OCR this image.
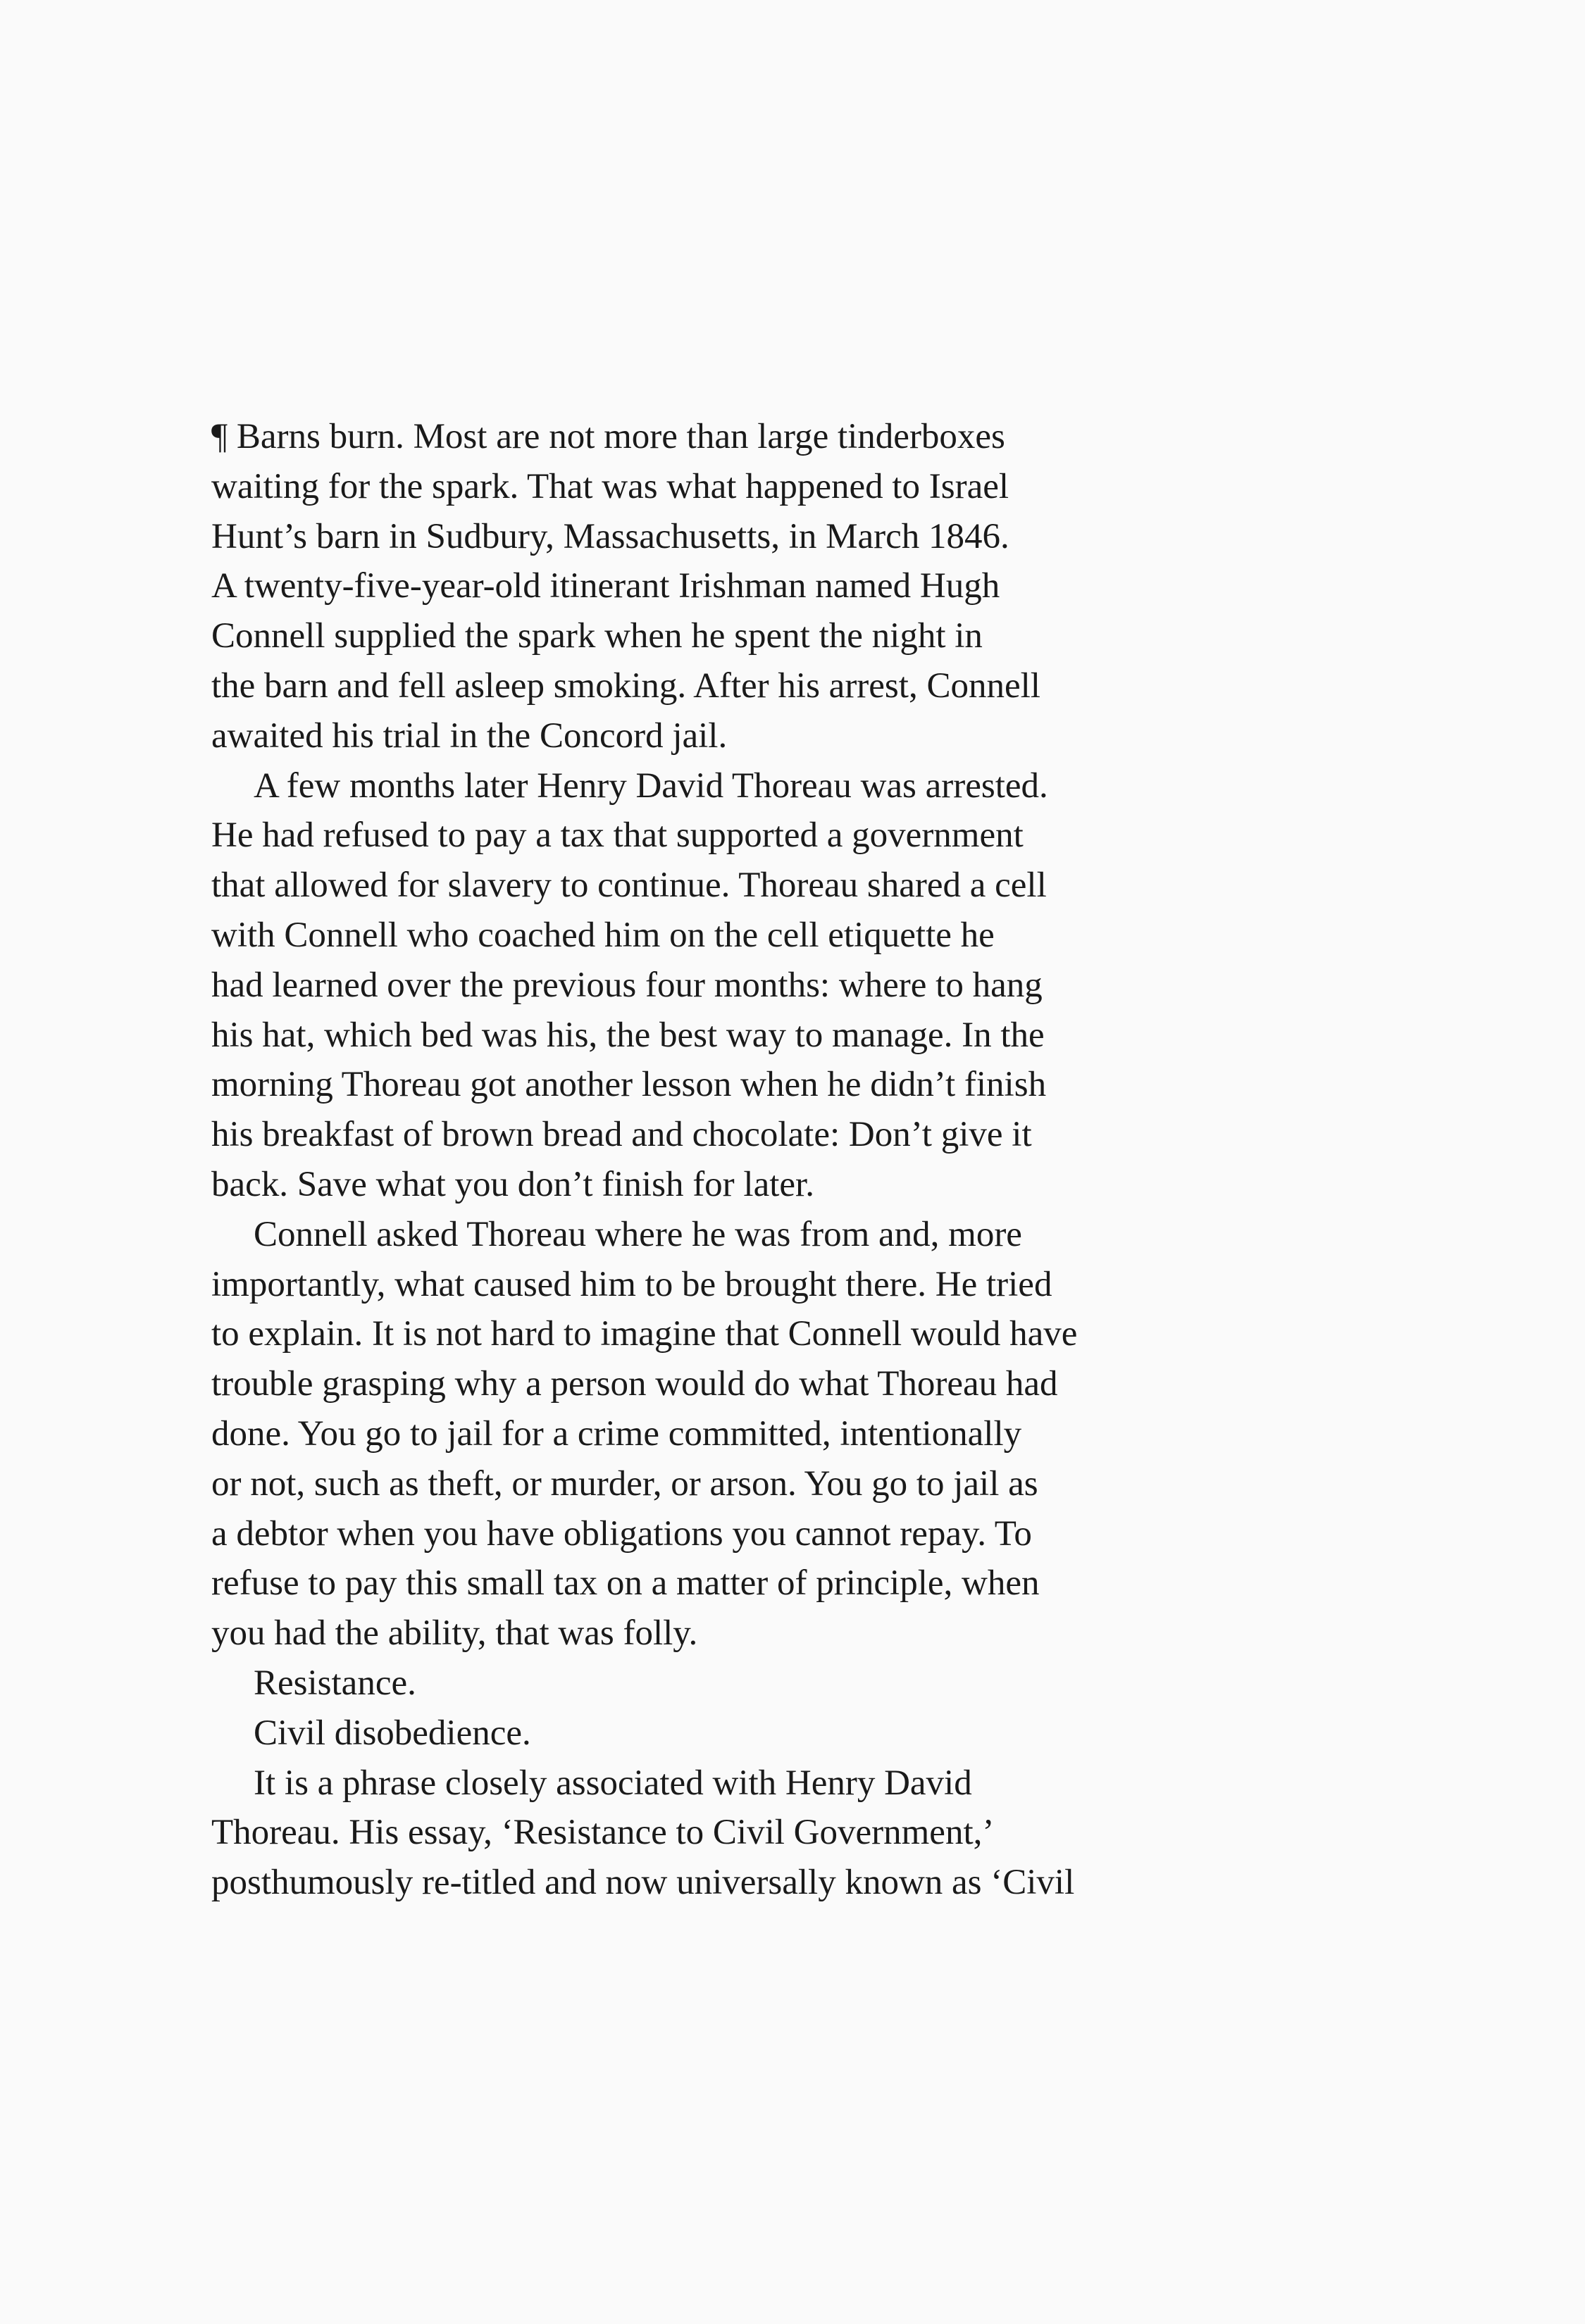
¶ Barns burn. Most are not more than large tinderboxes
waiting for the spark. That was what happened to Israel
Hunt’s barn in Sudbury, Massachusetts, in March 1846.
A twenty-five-year-old itinerant Irishman named Hugh
Connell supplied the spark when he spent the night in
the barn and fell asleep smoking. After his arrest, Connell
awaited his trial in the Concord jail.
A few months later Henry David Thoreau was arrested.
He had refused to pay a tax that supported a government
that allowed for slavery to continue. Thoreau shared a cell
with Connell who coached him on the cell etiquette he
had learned over the previous four months: where to hang
his hat, which bed was his, the best way to manage. In the
morning Thoreau got another lesson when he didn’t finish
his breakfast of brown bread and chocolate: Don’t give it
back. Save what you don’t finish for later.
Connell asked Thoreau where he was from and, more
importantly, what caused him to be brought there. He tried
to explain. It is not hard to imagine that Connell would have
trouble grasping why a person would do what Thoreau had
done. You go to jail for a crime committed, intentionally
or not, such as theft, or murder, or arson. You go to jail as
a debtor when you have obligations you cannot repay. To
refuse to pay this small tax on a matter of principle, when
you had the ability, that was folly.
Resistance.
Civil disobedience.
It is a phrase closely associated with Henry David
Thoreau. His essay, ‘Resistance to Civil Government,’
posthumously re-titled and now universally known as ‘Civil
